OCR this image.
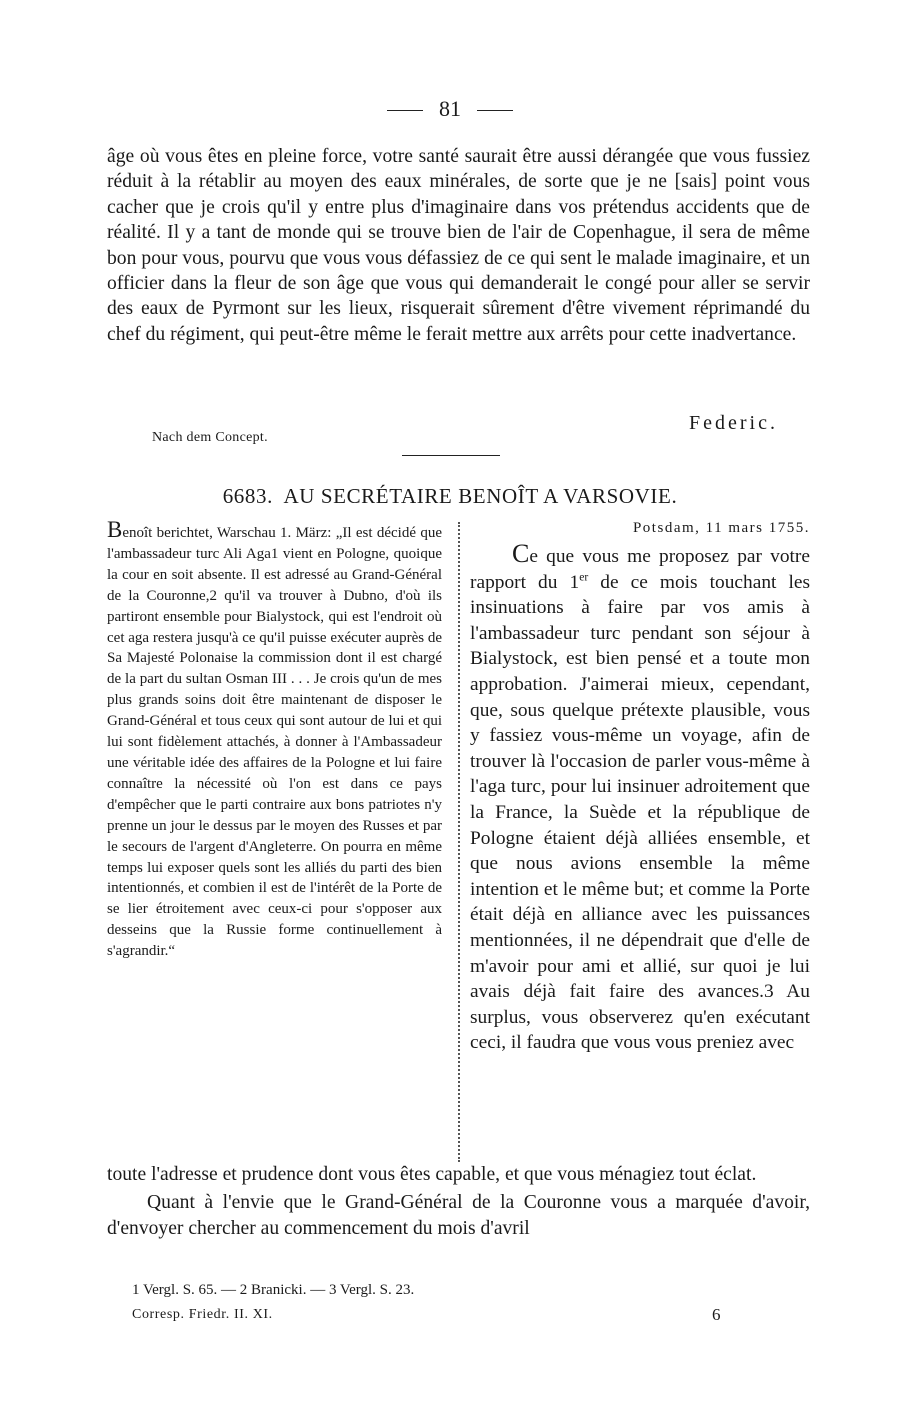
81

âge où vous êtes en pleine force, votre santé saurait être aussi dérangée que vous fussiez réduit à la rétablir au moyen des eaux minérales, de sorte que je ne [sais] point vous cacher que je crois qu'il y entre plus d'imaginaire dans vos prétendus accidents que de réalité. Il y a tant de monde qui se trouve bien de l'air de Copenhague, il sera de même bon pour vous, pourvu que vous vous défassiez de ce qui sent le malade imaginaire, et un officier dans la fleur de son âge que vous qui demanderait le congé pour aller se servir des eaux de Pyrmont sur les lieux, risquerait sûrement d'être vivement réprimandé du chef du régiment, qui peut-être même le ferait mettre aux arrêts pour cette inadvertance.

Nach dem Concept.
Federic.
6683. AU SECRÉTAIRE BENOÎT A VARSOVIE.

Benoît berichtet, Warschau 1. März: „Il est décidé que l'ambassadeur turc Ali Aga1 vient en Pologne, quoique la cour en soit absente. Il est adressé au Grand-Général de la Couronne,2 qu'il va trouver à Dubno, d'où ils partiront ensemble pour Bialystock, qui est l'endroit où cet aga restera jusqu'à ce qu'il puisse exécuter auprès de Sa Majesté Polonaise la commission dont il est chargé de la part du sultan Osman III . . . Je crois qu'un de mes plus grands soins doit être maintenant de disposer le Grand-Général et tous ceux qui sont autour de lui et qui lui sont fidèlement attachés, à donner à l'Ambassadeur une véritable idée des affaires de la Pologne et lui faire connaître la nécessité où l'on est dans ce pays d'empêcher que le parti contraire aux bons patriotes n'y prenne un jour le dessus par le moyen des Russes et par le secours de l'argent d'Angleterre. On pourra en même temps lui exposer quels sont les alliés du parti des bien intentionnés, et combien il est de l'intérêt de la Porte de se lier étroitement avec ceux-ci pour s'opposer aux desseins que la Russie forme continuellement à s'agrandir.“

Potsdam, 11 mars 1755.

Ce que vous me proposez par votre rapport du 1er de ce mois touchant les insinuations à faire par vos amis à l'ambassadeur turc pendant son séjour à Bialystock, est bien pensé et a toute mon approbation. J'aimerai mieux, cependant, que, sous quelque prétexte plausible, vous y fassiez vous-même un voyage, afin de trouver là l'occasion de parler vous-même à l'aga turc, pour lui insinuer adroitement que la France, la Suède et la république de Pologne étaient déjà alliées ensemble, et que nous avions ensemble la même intention et le même but; et comme la Porte était déjà en alliance avec les puissances mentionnées, il ne dépendrait que d'elle de m'avoir pour ami et allié, sur quoi je lui avais déjà fait faire des avances.3 Au surplus, vous observerez qu'en exécutant ceci, il faudra que vous vous preniez avec

toute l'adresse et prudence dont vous êtes capable, et que vous ménagiez tout éclat.

Quant à l'envie que le Grand-Général de la Couronne vous a marquée d'avoir, d'envoyer chercher au commencement du mois d'avril

1 Vergl. S. 65. — 2 Branicki. — 3 Vergl. S. 23.
Corresp. Friedr. II. XI.	6
